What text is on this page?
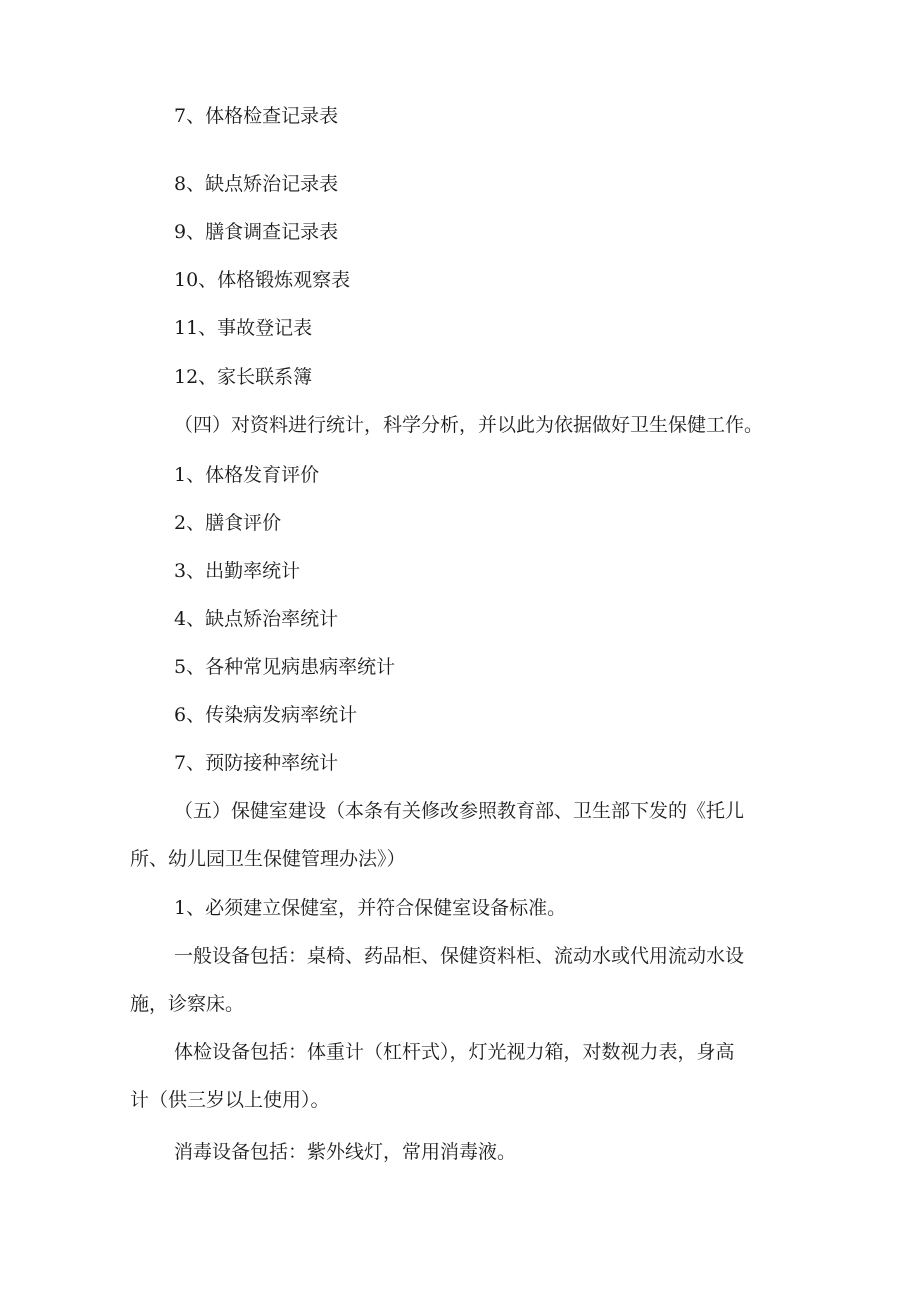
7、体格检查记录表
8、缺点矫治记录表
9、膳食调查记录表
10、体格锻炼观察表
11、事故登记表
12、家长联系簿
（四）对资料进行统计，科学分析，并以此为依据做好卫生保健工作。
1、体格发育评价
2、膳食评价
3、出勤率统计
4、缺点矫治率统计
5、各种常见病患病率统计
6、传染病发病率统计
7、预防接种率统计
（五）保健室建设（本条有关修改参照教育部、卫生部下发的《托儿
所、幼儿园卫生保健管理办法》）
1、必须建立保健室，并符合保健室设备标准。
一般设备包括：桌椅、药品柜、保健资料柜、流动水或代用流动水设
施，诊察床。
体检设备包括：体重计（杠杆式），灯光视力箱，对数视力表，身高
计（供三岁以上使用）。
消毒设备包括：紫外线灯，常用消毒液。
